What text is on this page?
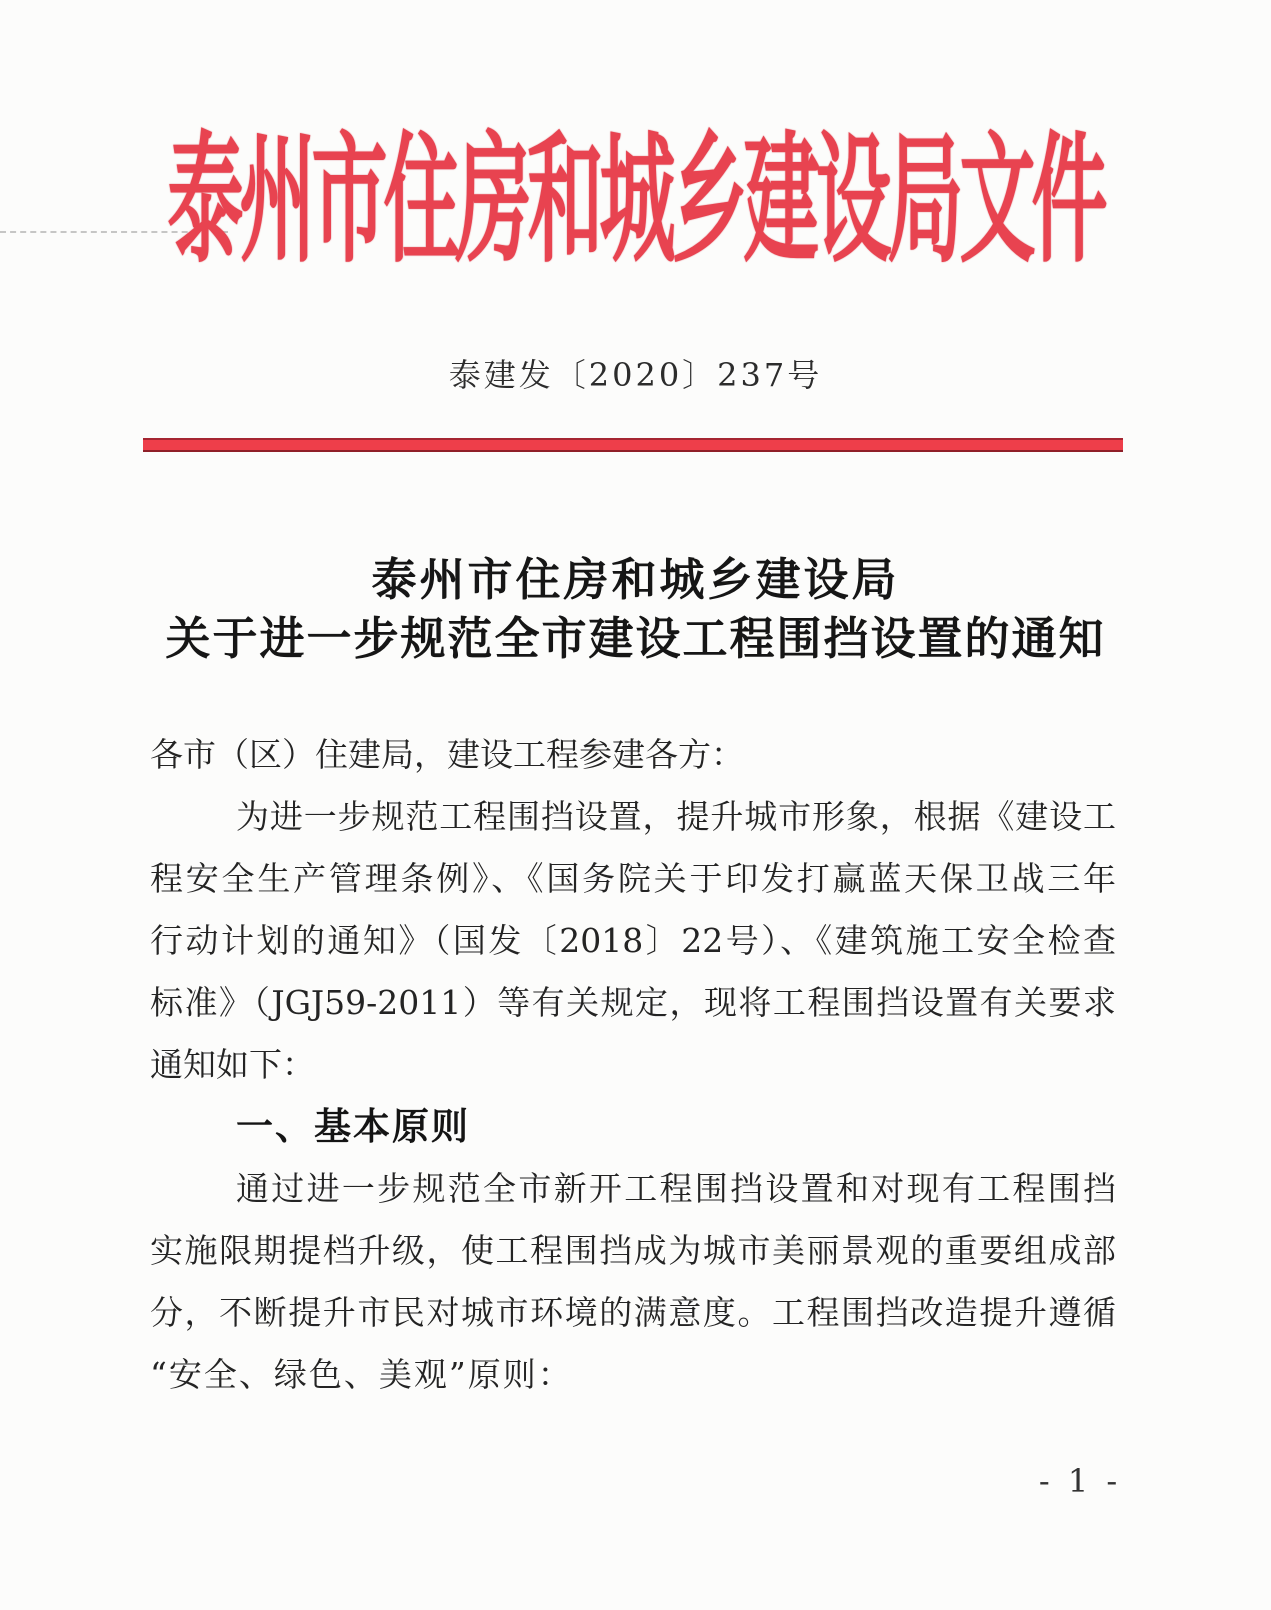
泰州市住房和城乡建设局文件
泰建发〔2020〕237号
泰州市住房和城乡建设局
关于进一步规范全市建设工程围挡设置的通知
各市（区）住建局，建设工程参建各方：
为进一步规范工程围挡设置，提升城市形象，根据《建设工
程安全生产管理条例》、《国务院关于印发打赢蓝天保卫战三年
行动计划的通知》（国发〔2018〕22号）、《建筑施工安全检查
标准》（JGJ59-2011）等有关规定，现将工程围挡设置有关要求
通知如下：
一、基本原则
通过进一步规范全市新开工程围挡设置和对现有工程围挡
实施限期提档升级，使工程围挡成为城市美丽景观的重要组成部
分，不断提升市民对城市环境的满意度。工程围挡改造提升遵循
“安全、绿色、美观”原则：
- 1 -
